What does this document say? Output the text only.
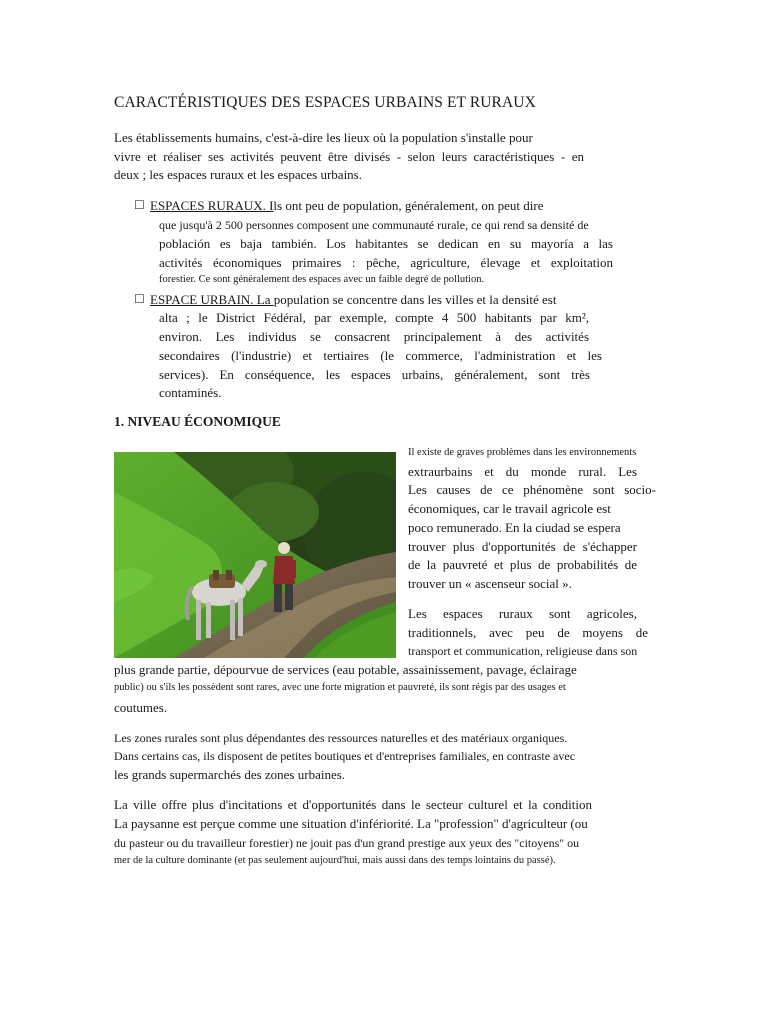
CARACTÉRISTIQUES DES ESPACES URBAINS ET RURAUX
Les établissements humains, c'est-à-dire les lieux où la population s'installe pour
vivre et réaliser ses activités peuvent être divisés - selon leurs caractéristiques - en
deux ; les espaces ruraux et les espaces urbains.
☐ ESPACES RURAUX. Ils ont peu de population, généralement, on peut dire
que jusqu'à 2 500 personnes composent une communauté rurale, ce qui rend sa densité de
población es baja también. Los habitantes se dedican en su mayoría a las
activités économiques primaires : pêche, agriculture, élevage et exploitation
forestier. Ce sont généralement des espaces avec un faible degré de pollution.
☐ ESPACE URBAIN. La population se concentre dans les villes et la densité est
alta ; le District Fédéral, par exemple, compte 4 500 habitants par km²,
environ. Les individus se consacrent principalement à des activités
secondaires (l'industrie) et tertiaires (le commerce, l'administration et les
services). En conséquence, les espaces urbains, généralement, sont très
contaminés.
1. NIVEAU ÉCONOMIQUE
Il existe de graves problèmes dans les environnements
extraurbains et du monde rural. Les
Les causes de ce phénomène sont socio-
économiques, car le travail agricole est
poco remunerado. En la ciudad se espera
trouver plus d'opportunités de s'échapper
de la pauvreté et plus de probabilités de
trouver un « ascenseur social ».
Les espaces ruraux sont agricoles,
traditionnels, avec peu de moyens de
transport et communication, religieuse dans son
plus grande partie, dépourvue de services (eau potable, assainissement, pavage, éclairage
public) ou s'ils les possèdent sont rares, avec une forte migration et pauvreté, ils sont régis par des usages et
coutumes.
Les zones rurales sont plus dépendantes des ressources naturelles et des matériaux organiques.
Dans certains cas, ils disposent de petites boutiques et d'entreprises familiales, en contraste avec
les grands supermarchés des zones urbaines.
La ville offre plus d'incitations et d'opportunités dans le secteur culturel et la condition
La paysanne est perçue comme une situation d'infériorité. La "profession" d'agriculteur (ou
du pasteur ou du travailleur forestier) ne jouit pas d'un grand prestige aux yeux des "citoyens" ou
mer de la culture dominante (et pas seulement aujourd'hui, mais aussi dans des temps lointains du passé).
